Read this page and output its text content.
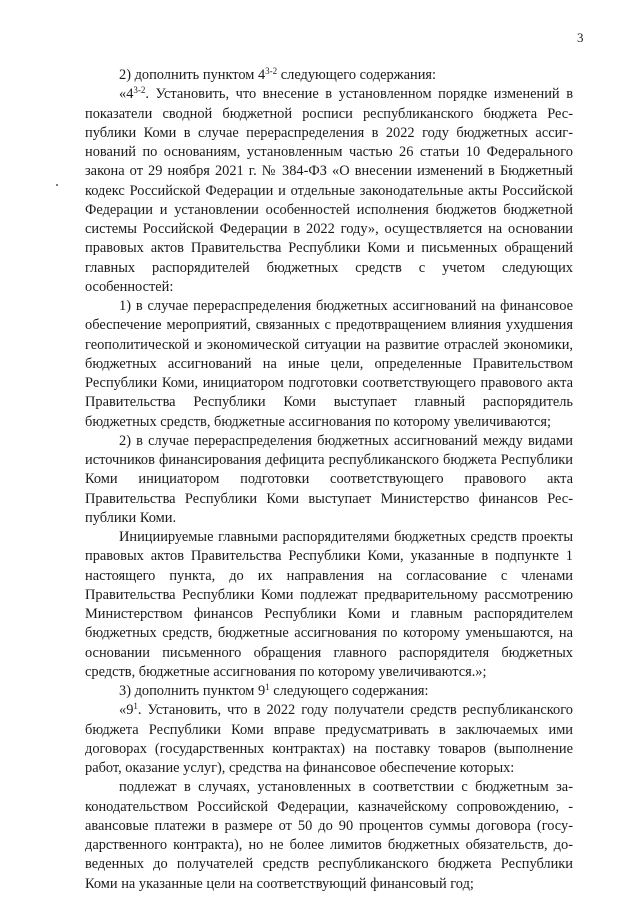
3

2) дополнить пунктом 4$^{3-2}$ следующего содержания:

«4$^{3-2}$. Установить, что внесение в установленном порядке изменений в показатели сводной бюджетной росписи республиканского бюджета Республики Коми в случае перераспределения в 2022 году бюджетных ассигнований по основаниям, установленным частью 26 статьи 10 Федерального закона от 29 ноября 2021 г. № 384-ФЗ «О внесении изменений в Бюджетный кодекс Российской Федерации и отдельные законодательные акты Российской Федерации и установлении особенностей исполнения бюджетов бюджетной системы Российской Федерации в 2022 году», осуществляется на основании правовых актов Правительства Республики Коми и письменных обращений главных распорядителей бюджетных средств с учетом следующих особенностей:

1) в случае перераспределения бюджетных ассигнований на финансовое обеспечение мероприятий, связанных с предотвращением влияния ухудшения геополитической и экономической ситуации на развитие отраслей экономики, бюджетных ассигнований на иные цели, определенные Правительством Республики Коми, инициатором подготовки соответствующего правового акта Правительства Республики Коми выступает главный распорядитель бюджетных средств, бюджетные ассигнования по которому увеличиваются;

2) в случае перераспределения бюджетных ассигнований между видами источников финансирования дефицита республиканского бюджета Республики Коми инициатором подготовки соответствующего правового акта Правительства Республики Коми выступает Министерство финансов Республики Коми.

Инициируемые главными распорядителями бюджетных средств проекты правовых актов Правительства Республики Коми, указанные в подпункте 1 настоящего пункта, до их направления на согласование с членами Правительства Республики Коми подлежат предварительному рассмотрению Министерством финансов Республики Коми и главным распорядителем бюджетных средств, бюджетные ассигнования по которому уменьшаются, на основании письменного обращения главного распорядителя бюджетных средств, бюджетные ассигнования по которому увеличиваются.»;

3) дополнить пунктом $9^1$ следующего содержания:

«$9^1$. Установить, что в 2022 году получатели средств республиканского бюджета Республики Коми вправе предусматривать в заключаемых ими договорах (государственных контрактах) на поставку товаров (выполнение работ, оказание услуг), средства на финансовое обеспечение которых:

подлежат в случаях, установленных в соответствии с бюджетным законодательством Российской Федерации, казначейскому сопровождению, - авансовые платежи в размере от 50 до 90 процентов суммы договора (государственного контракта), но не более лимитов бюджетных обязательств, доведенных до получателей средств республиканского бюджета Республики Коми на указанные цели на соответствующий финансовый год;
